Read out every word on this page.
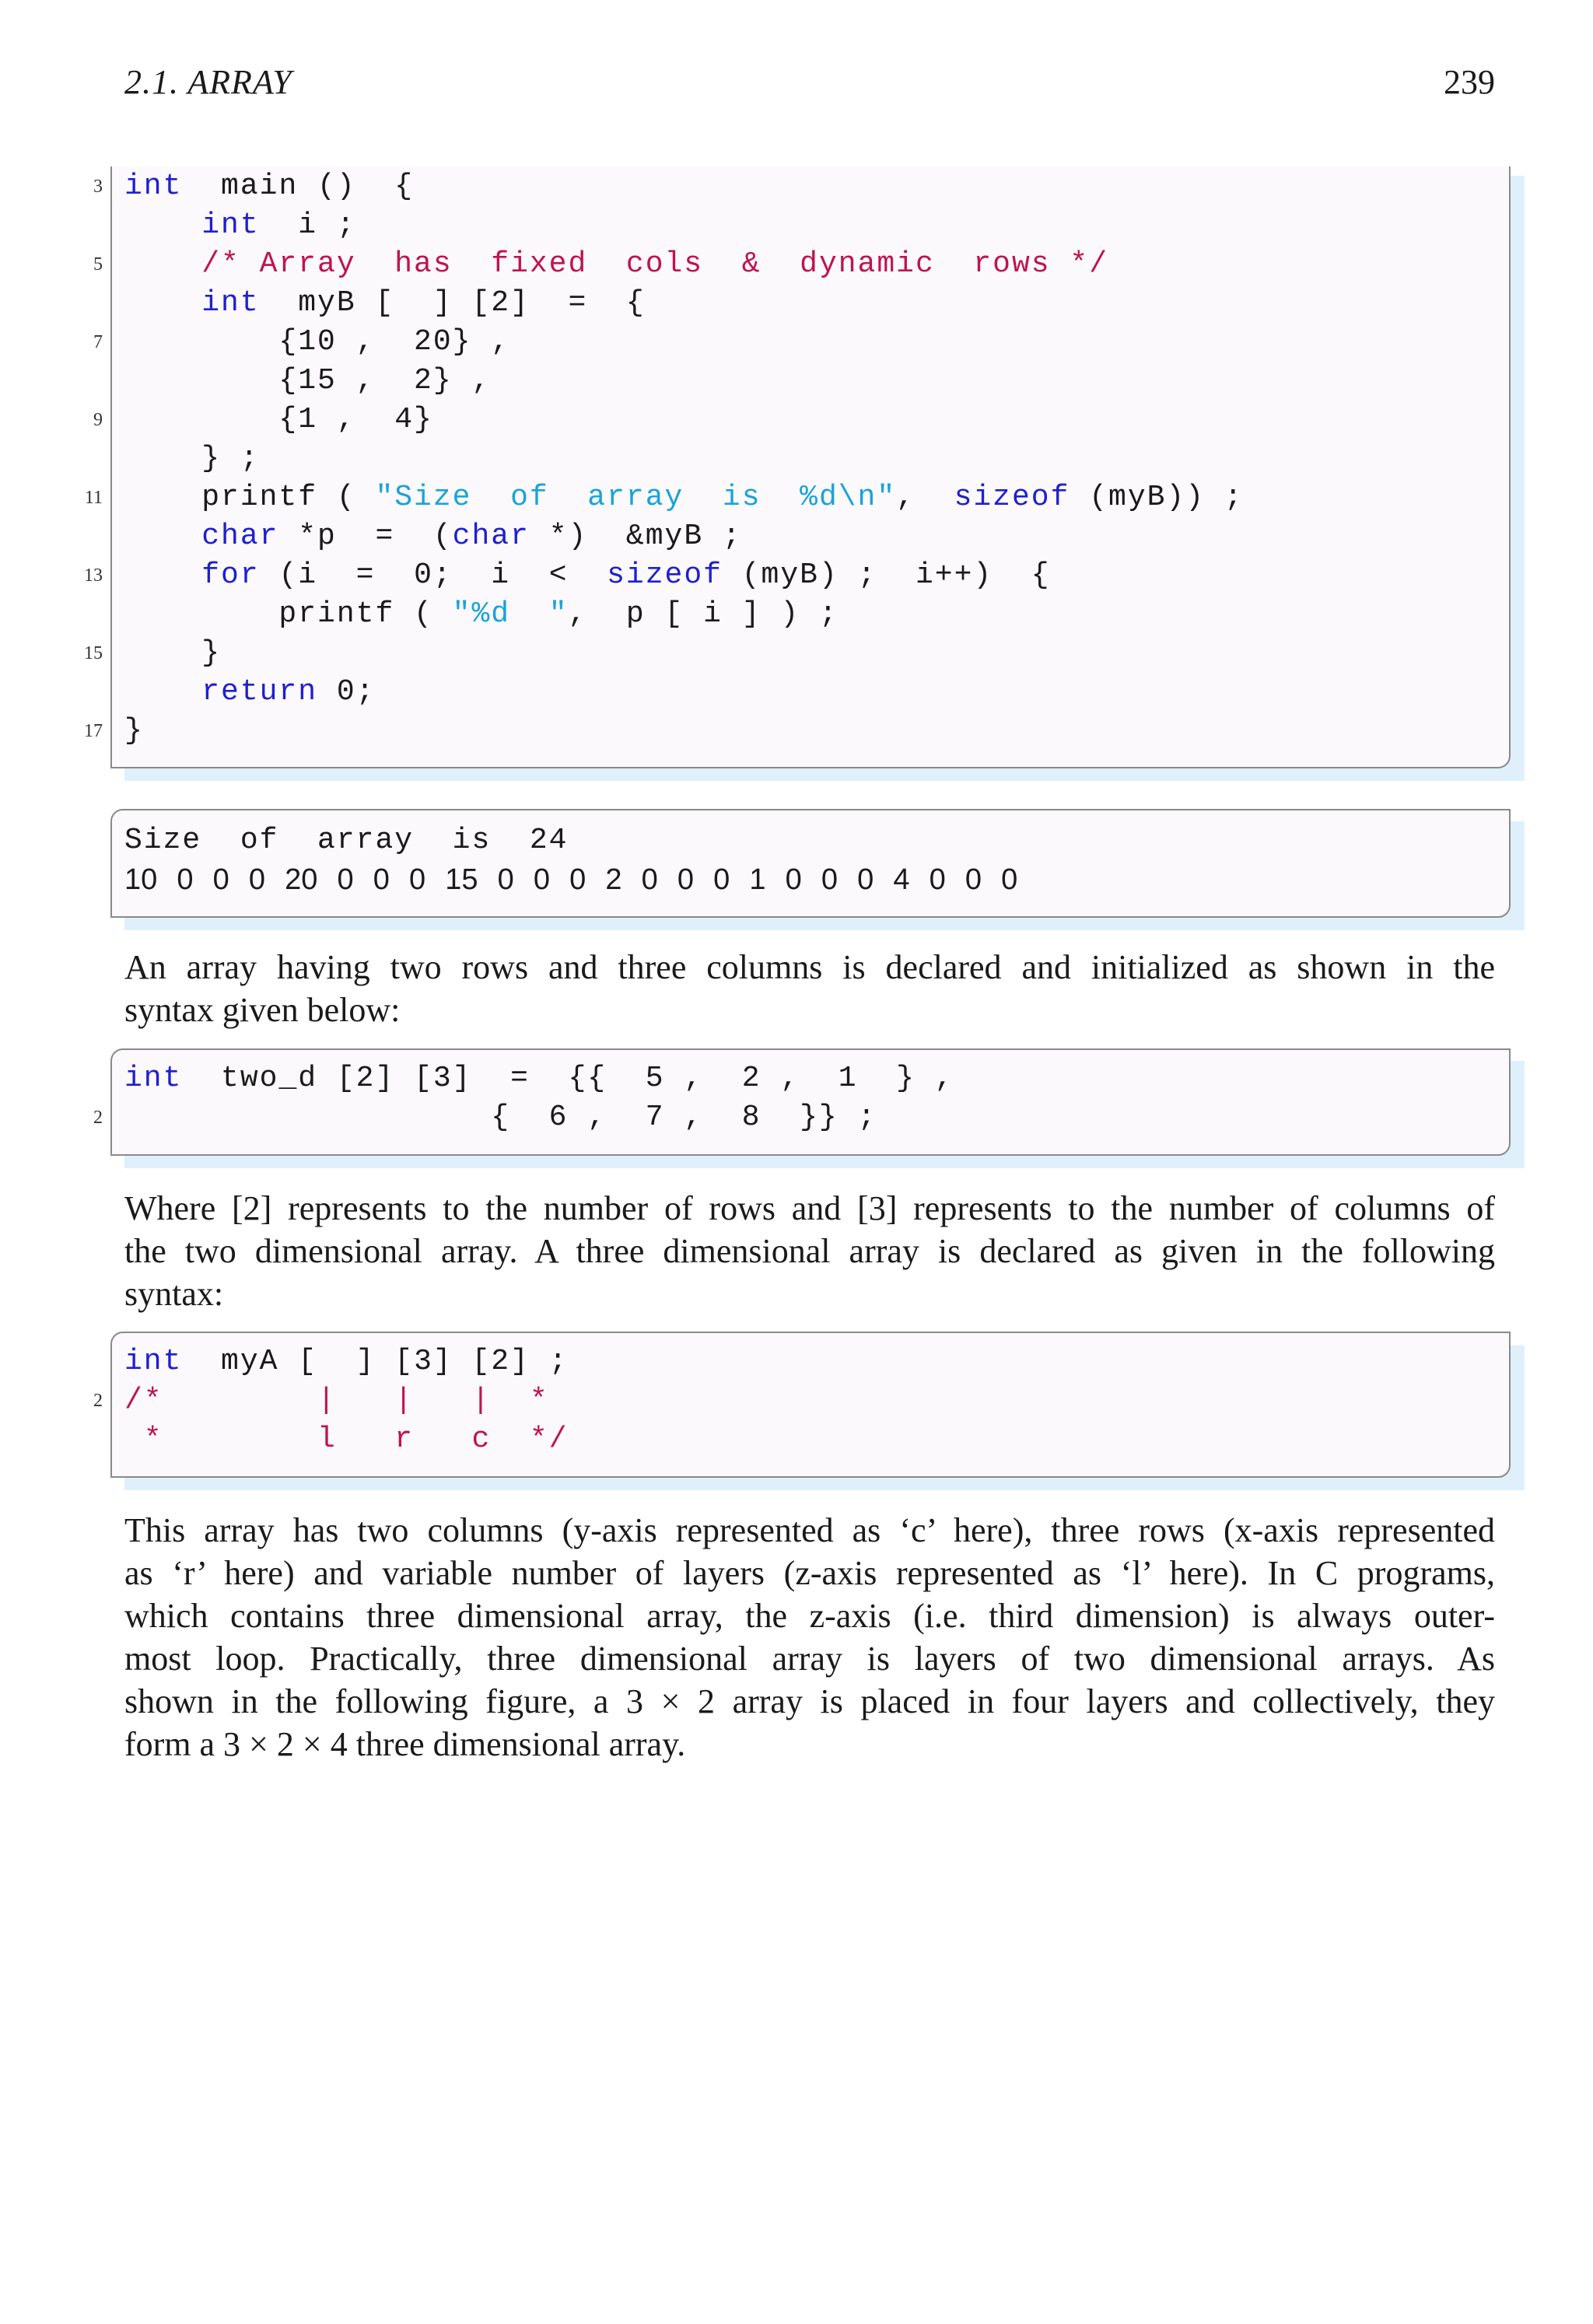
2.1. ARRAY	239
3 int  main ()  {
int  i ;
5	/* Array  has  fixed  cols  &  dynamic  rows */
int  myB [  ] [2]  =  {
7 {10 ,  20} ,
{15 ,  2} ,
9 {1 ,  4}
} ;
11 printf ( "Size  of  array  is  %d\n",  sizeof (myB)) ;
char *p  =  (char *)  &myB ;
13	for (i  =  0;  i  <  sizeof (myB) ;  i++)  {
printf ( "%d  ",  p [ i ] ) ;
15 }
return 0;
17 }
Size  of  array  is  24
10  0  0  0  20  0  0  0  15  0  0  0  2  0  0  0  1  0  0  0  4  0  0  0
An array having two rows and three columns is declared and initialized as shown in the
syntax given below:
int  two_d [2] [3]  =  {{  5 ,  2 ,  1  } ,
2 {  6 ,  7 ,  8  }} ;
Where [2] represents to the number of rows and [3] represents to the number of columns of
the two dimensional array. A three dimensional array is declared as given in the following
syntax:
int  myA [  ] [3] [2] ;
2 /*        |   |   |  *
*        l   r   c  */
This array has two columns (y-axis represented as ‘c’ here), three rows (x-axis represented
as ‘r’ here) and variable number of layers (z-axis represented as ‘l’ here). In C programs,
which contains three dimensional array, the z-axis (i.e. third dimension) is always outer-
most loop. Practically, three dimensional array is layers of two dimensional arrays. As
shown in the following figure, a 3 × 2 array is placed in four layers and collectively, they
form a 3 × 2 × 4 three dimensional array.
